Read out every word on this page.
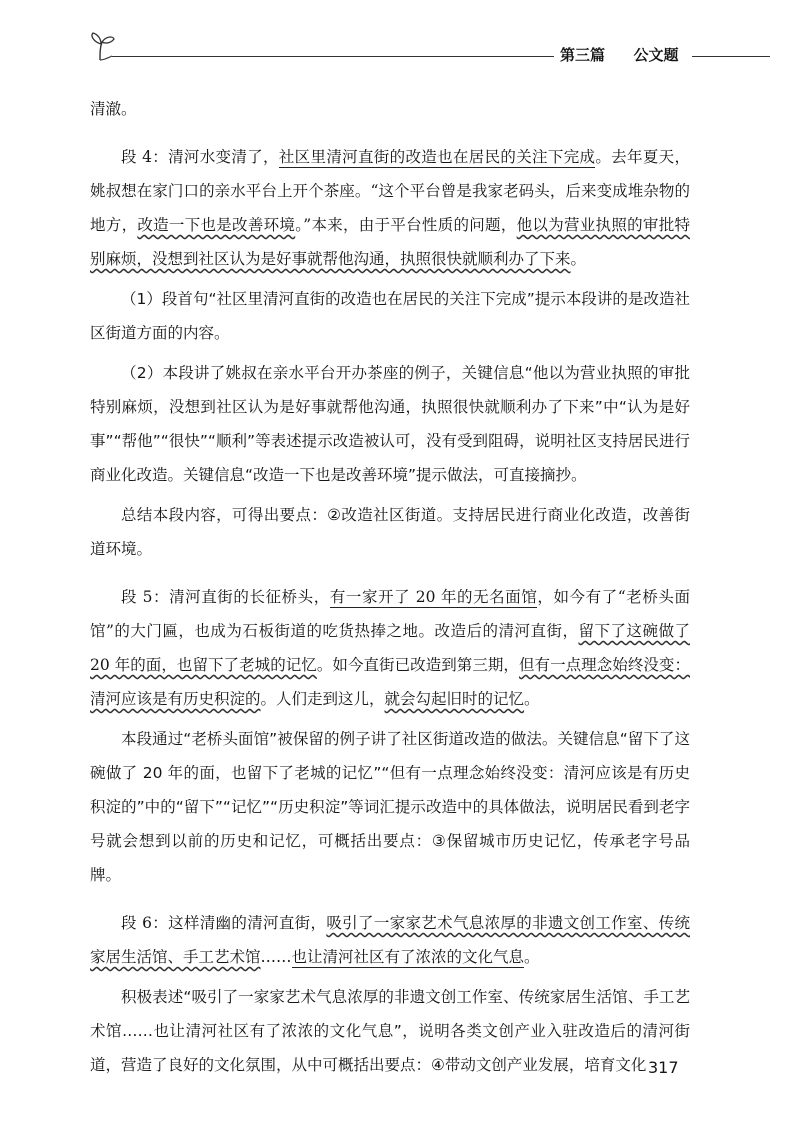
第三篇 公文题

清澈。

段 4：清河水变清了，社区里清河直街的改造也在居民的关注下完成。去年夏天，姚叔想在家门口的亲水平台上开个茶座。“这个平台曾是我家老码头，后来变成堆杂物的地方，改造一下也是改善环境。”本来，由于平台性质的问题，他以为营业执照的审批特别麻烦，没想到社区认为是好事就帮他沟通，执照很快就顺利办了下来。

（1）段首句“社区里清河直街的改造也在居民的关注下完成”提示本段讲的是改造社区街道方面的内容。

（2）本段讲了姚叔在亲水平台开办茶座的例子，关键信息“他以为营业执照的审批特别麻烦，没想到社区认为是好事就帮他沟通，执照很快就顺利办了下来”中“认为是好事”“帮他”“很快”“顺利”等表述提示改造被认可，没有受到阻碍，说明社区支持居民进行商业化改造。关键信息“改造一下也是改善环境”提示做法，可直接摘抄。

总结本段内容，可得出要点：②改造社区街道。支持居民进行商业化改造，改善街道环境。

段 5：清河直街的长征桥头，有一家开了 20 年的无名面馆，如今有了“老桥头面馆”的大门匾，也成为石板街道的吃货热捧之地。改造后的清河直街，留下了这碗做了 20 年的面，也留下了老城的记忆。如今直街已改造到第三期，但有一点理念始终没变：清河应该是有历史积淀的。人们走到这儿，就会勾起旧时的记忆。

本段通过“老桥头面馆”被保留的例子讲了社区街道改造的做法。关键信息“留下了这碗做了 20 年的面，也留下了老城的记忆”“但有一点理念始终没变：清河应该是有历史积淀的”中的“留下”“记忆”“历史积淀”等词汇提示改造中的具体做法，说明居民看到老字号就会想到以前的历史和记忆，可概括出要点：③保留城市历史记忆，传承老字号品牌。

段 6：这样清幽的清河直街，吸引了一家家艺术气息浓厚的非遗文创工作室、传统家居生活馆、手工艺术馆……也让清河社区有了浓浓的文化气息。

积极表述“吸引了一家家艺术气息浓厚的非遗文创工作室、传统家居生活馆、手工艺术馆……也让清河社区有了浓浓的文化气息”，说明各类文创产业入驻改造后的清河街道，营造了良好的文化氛围，从中可概括出要点：④带动文创产业发展，培育文化 317
